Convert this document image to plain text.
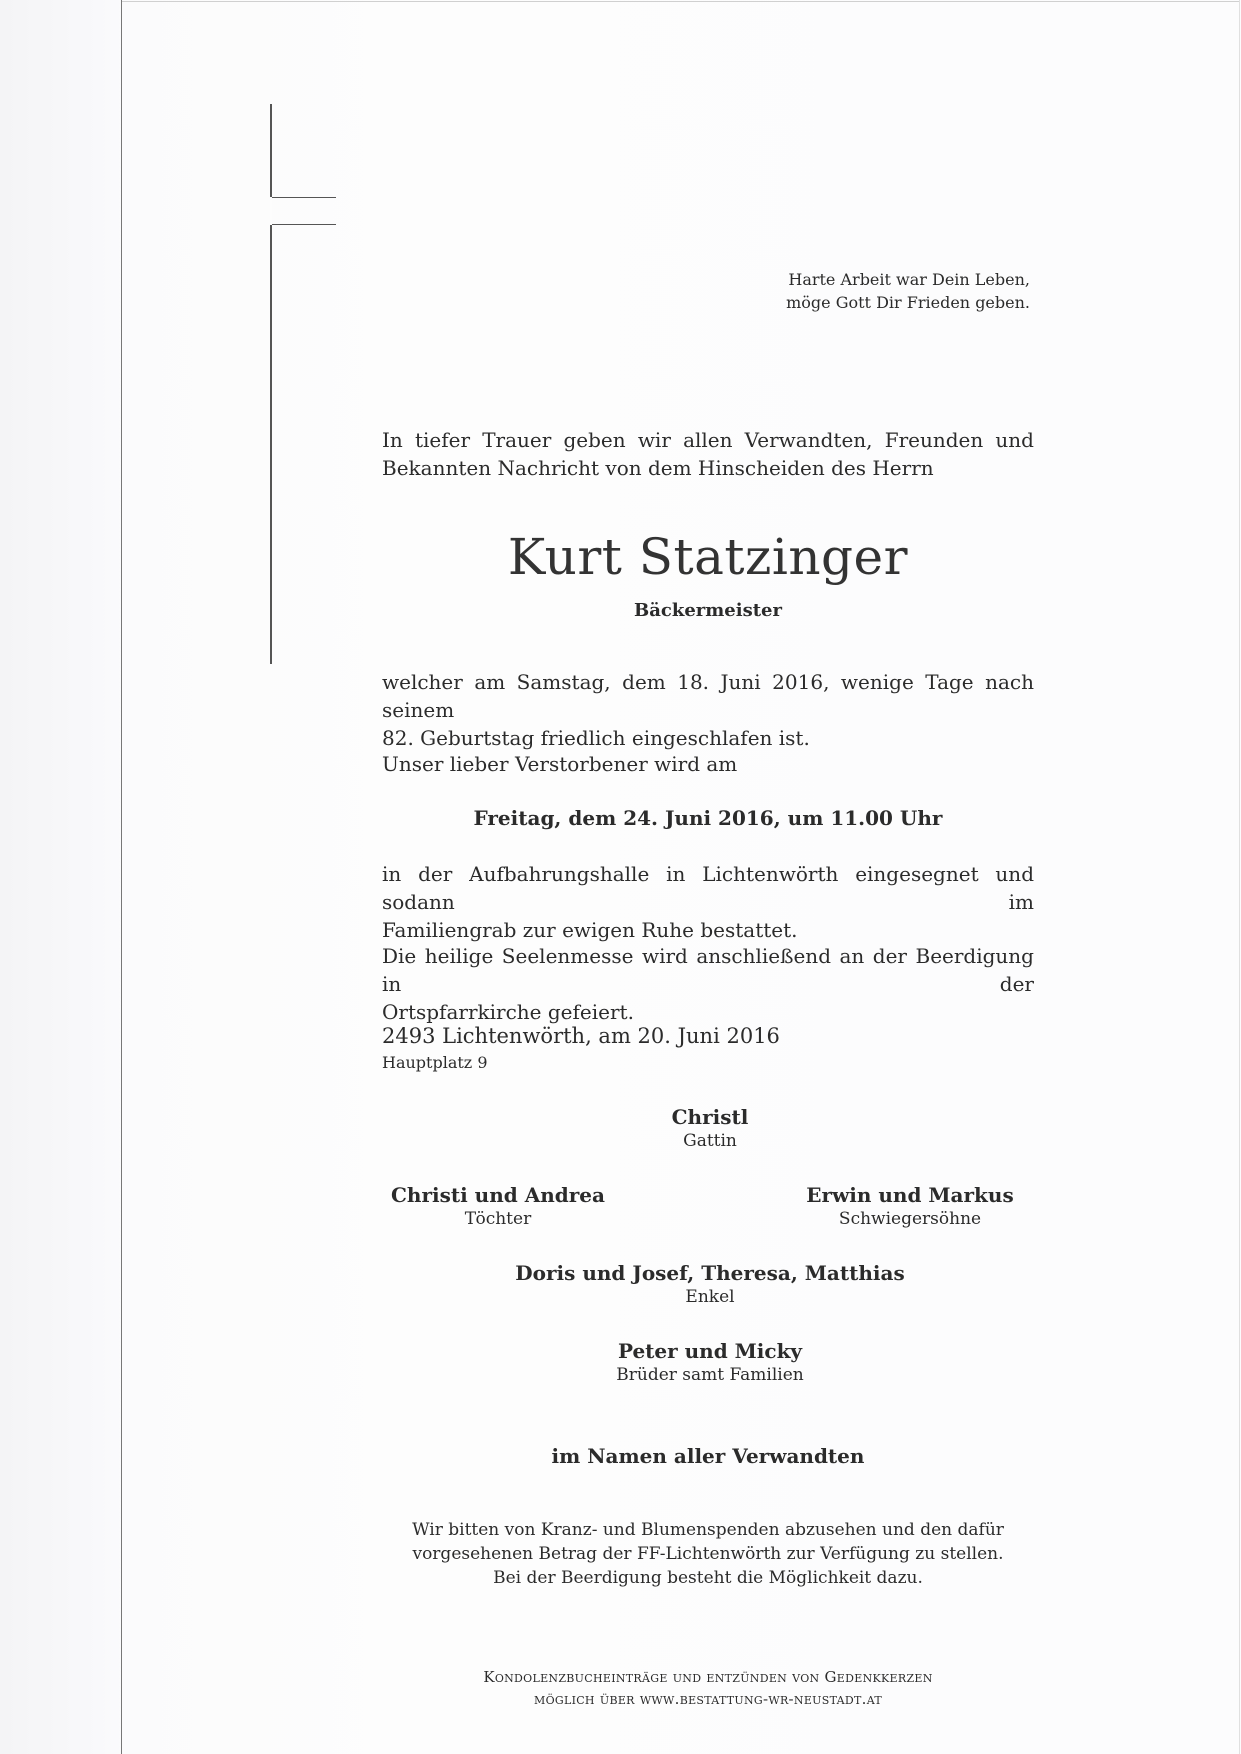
Harte Arbeit war Dein Leben,
möge Gott Dir Frieden geben.
In tiefer Trauer geben wir allen Verwandten, Freunden und
Bekannten Nachricht von dem Hinscheiden des Herrn
Kurt Statzinger
Bäckermeister
welcher am Samstag, dem 18. Juni 2016, wenige Tage nach seinem
82. Geburtstag friedlich eingeschlafen ist.
Unser lieber Verstorbener wird am
Freitag, dem 24. Juni 2016, um 11.00 Uhr
in der Aufbahrungshalle in Lichtenwörth eingesegnet und sodann im
Familiengrab zur ewigen Ruhe bestattet.
Die heilige Seelenmesse wird anschließend an der Beerdigung in der
Ortspfarrkirche gefeiert.
2493 Lichtenwörth, am 20. Juni 2016
Hauptplatz 9
Christl
Gattin
Christi und Andrea
Töchter
Erwin und Markus
Schwiegersöhne
Doris und Josef, Theresa, Matthias
Enkel
Peter und Micky
Brüder samt Familien
im Namen aller Verwandten
Wir bitten von Kranz- und Blumenspenden abzusehen und den dafür
vorgesehenen Betrag der FF-Lichtenwörth zur Verfügung zu stellen.
Bei der Beerdigung besteht die Möglichkeit dazu.
Kondolenzbucheinträge und entzünden von Gedenkkerzen
möglich über www.bestattung-wr-neustadt.at
